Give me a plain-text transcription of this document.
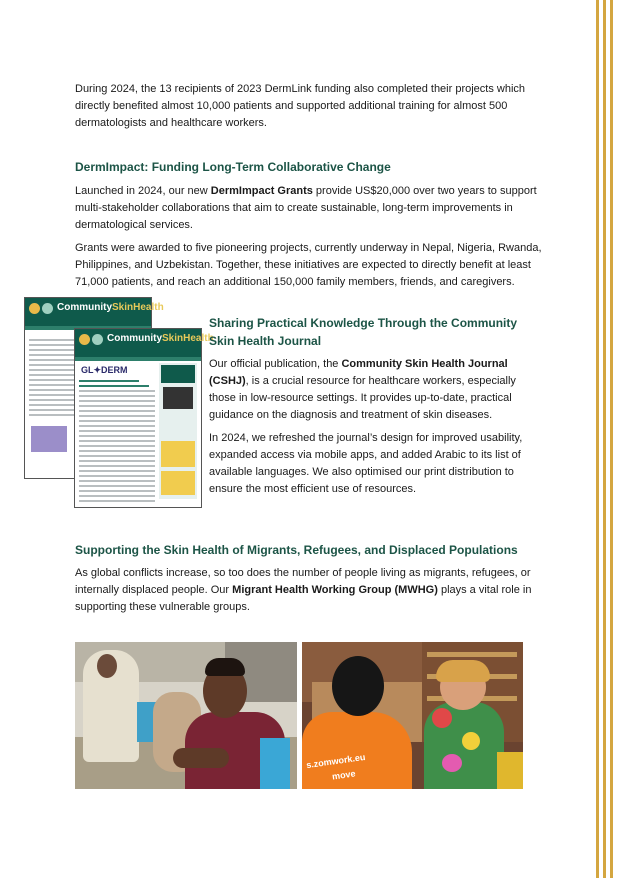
During 2024, the 13 recipients of 2023 DermLink funding also completed their projects which directly benefited almost 10,000 patients and supported additional training for almost 500 dermatologists and healthcare workers.

DermImpact: Funding Long-Term Collaborative Change

Launched in 2024, our new DermImpact Grants provide US$20,000 over two years to support multi-stakeholder collaborations that aim to create sustainable, long-term improvements in dermatological services.

Grants were awarded to five pioneering projects, currently underway in Nepal, Nigeria, Rwanda, Philippines, and Uzbekistan. Together, these initiatives are expected to directly benefit at least 71,000 patients, and reach an additional 150,000 family members, friends, and caregivers.

CommunitySkinHealth
CommunitySkinHealth
GL✦DERM
Sharing Practical Knowledge Through the Community Skin Health Journal

Our official publication, the Community Skin Health Journal (CSHJ), is a crucial resource for healthcare workers, especially those in low-resource settings. It provides up-to-date, practical guidance on the diagnosis and treatment of skin diseases.

In 2024, we refreshed the journal’s design for improved usability, expanded access via mobile apps, and added Arabic to its list of available languages. We also optimised our print distribution to ensure the most efficient use of resources.

Supporting the Skin Health of Migrants, Refugees, and Displaced Populations

As global conflicts increase, so too does the number of people living as migrants, refugees, or internally displaced people. Our Migrant Health Working Group (MWHG) plays a vital role in supporting these vulnerable groups.

s.zomwork.eu
move
